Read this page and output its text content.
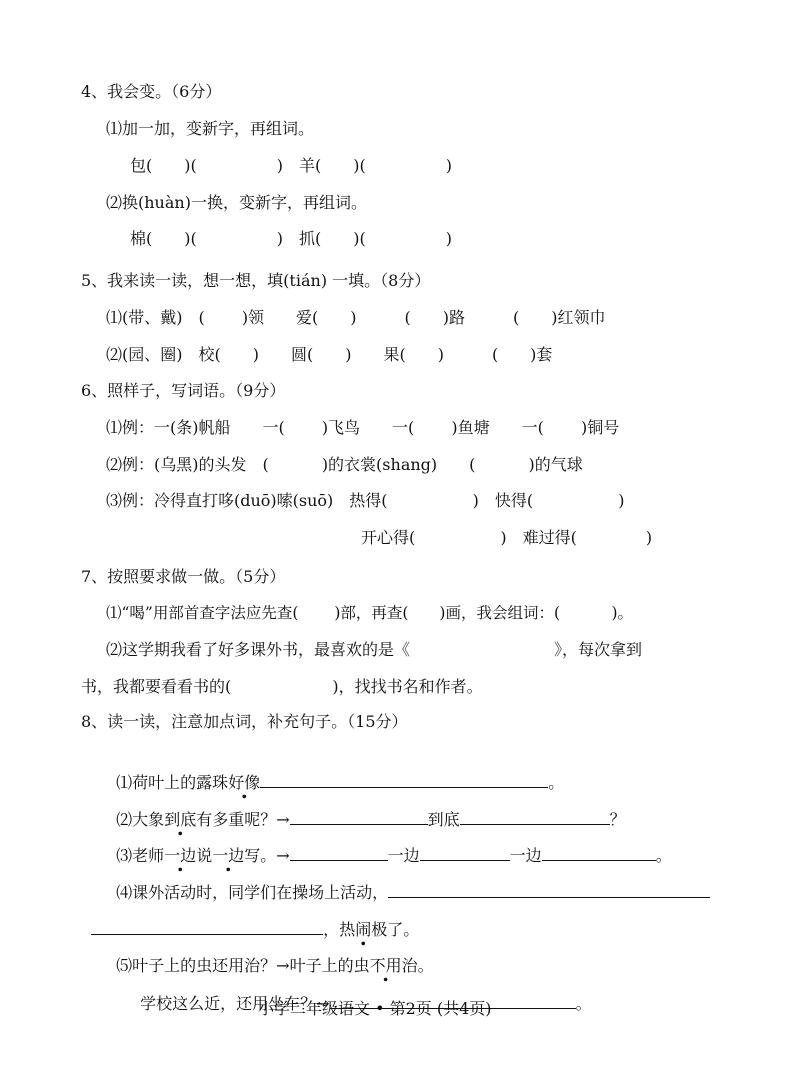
4、我会变。（6分）
⑴加一加，变新字，再组词。
包(　　)(　　　　　)　羊(　　)(　　　　　)
⑵换(huàn)一换，变新字，再组词。
棉(　　)(　　　　　)　抓(　　)(　　　　　)
5、我来读一读，想一想，填(tián) 一填。（8分）
⑴(带、戴)　(　　 )领　　爱(　　)　　　(　　)路　　　(　　)红领巾
⑵(园、圈)　校(　　)　　圆(　　)　　果(　　)　　　(　　)套
6、照样子，写词语。（9分）
⑴例：一(条)帆船　　一(　　 )飞鸟　　一(　　 )鱼塘　　一(　　 )铜号
⑵例：(乌黑)的头发　(　　　 )的衣裳(shang)　　(　　　 )的气球
⑶例：冷得直打哆(duō)嗦(suō)　热得(　　　　　 )　快得(　　　　　 )
开心得(　　　　　 )　难过得(　　　　 )
7、按照要求做一做。（5分）
⑴“喝”用部首查字法应先查(　　 )部，再查(　　)画，我会组词：(　　　 )。
⑵这学期我看了好多课外书，最喜欢的是《　　　　　　　　　》，每次拿到
书，我都要看看书的(　　　　　　 )，找找书名和作者。
8、读一读，注意加点词，补充句子。（15分）

⑴荷叶上的露珠好像	。

⑵大象到底有多重呢？→	到底	？

⑶老师一边说一边写。→	一边	一边	。

⑷课外活动时，同学们在操场上活动，

，热闹极了。

⑸叶子上的虫还用治？→叶子上的虫不用治。

学校这么近，还用坐车？→	。

小学二年级语文 • 第2页 (共4页)
